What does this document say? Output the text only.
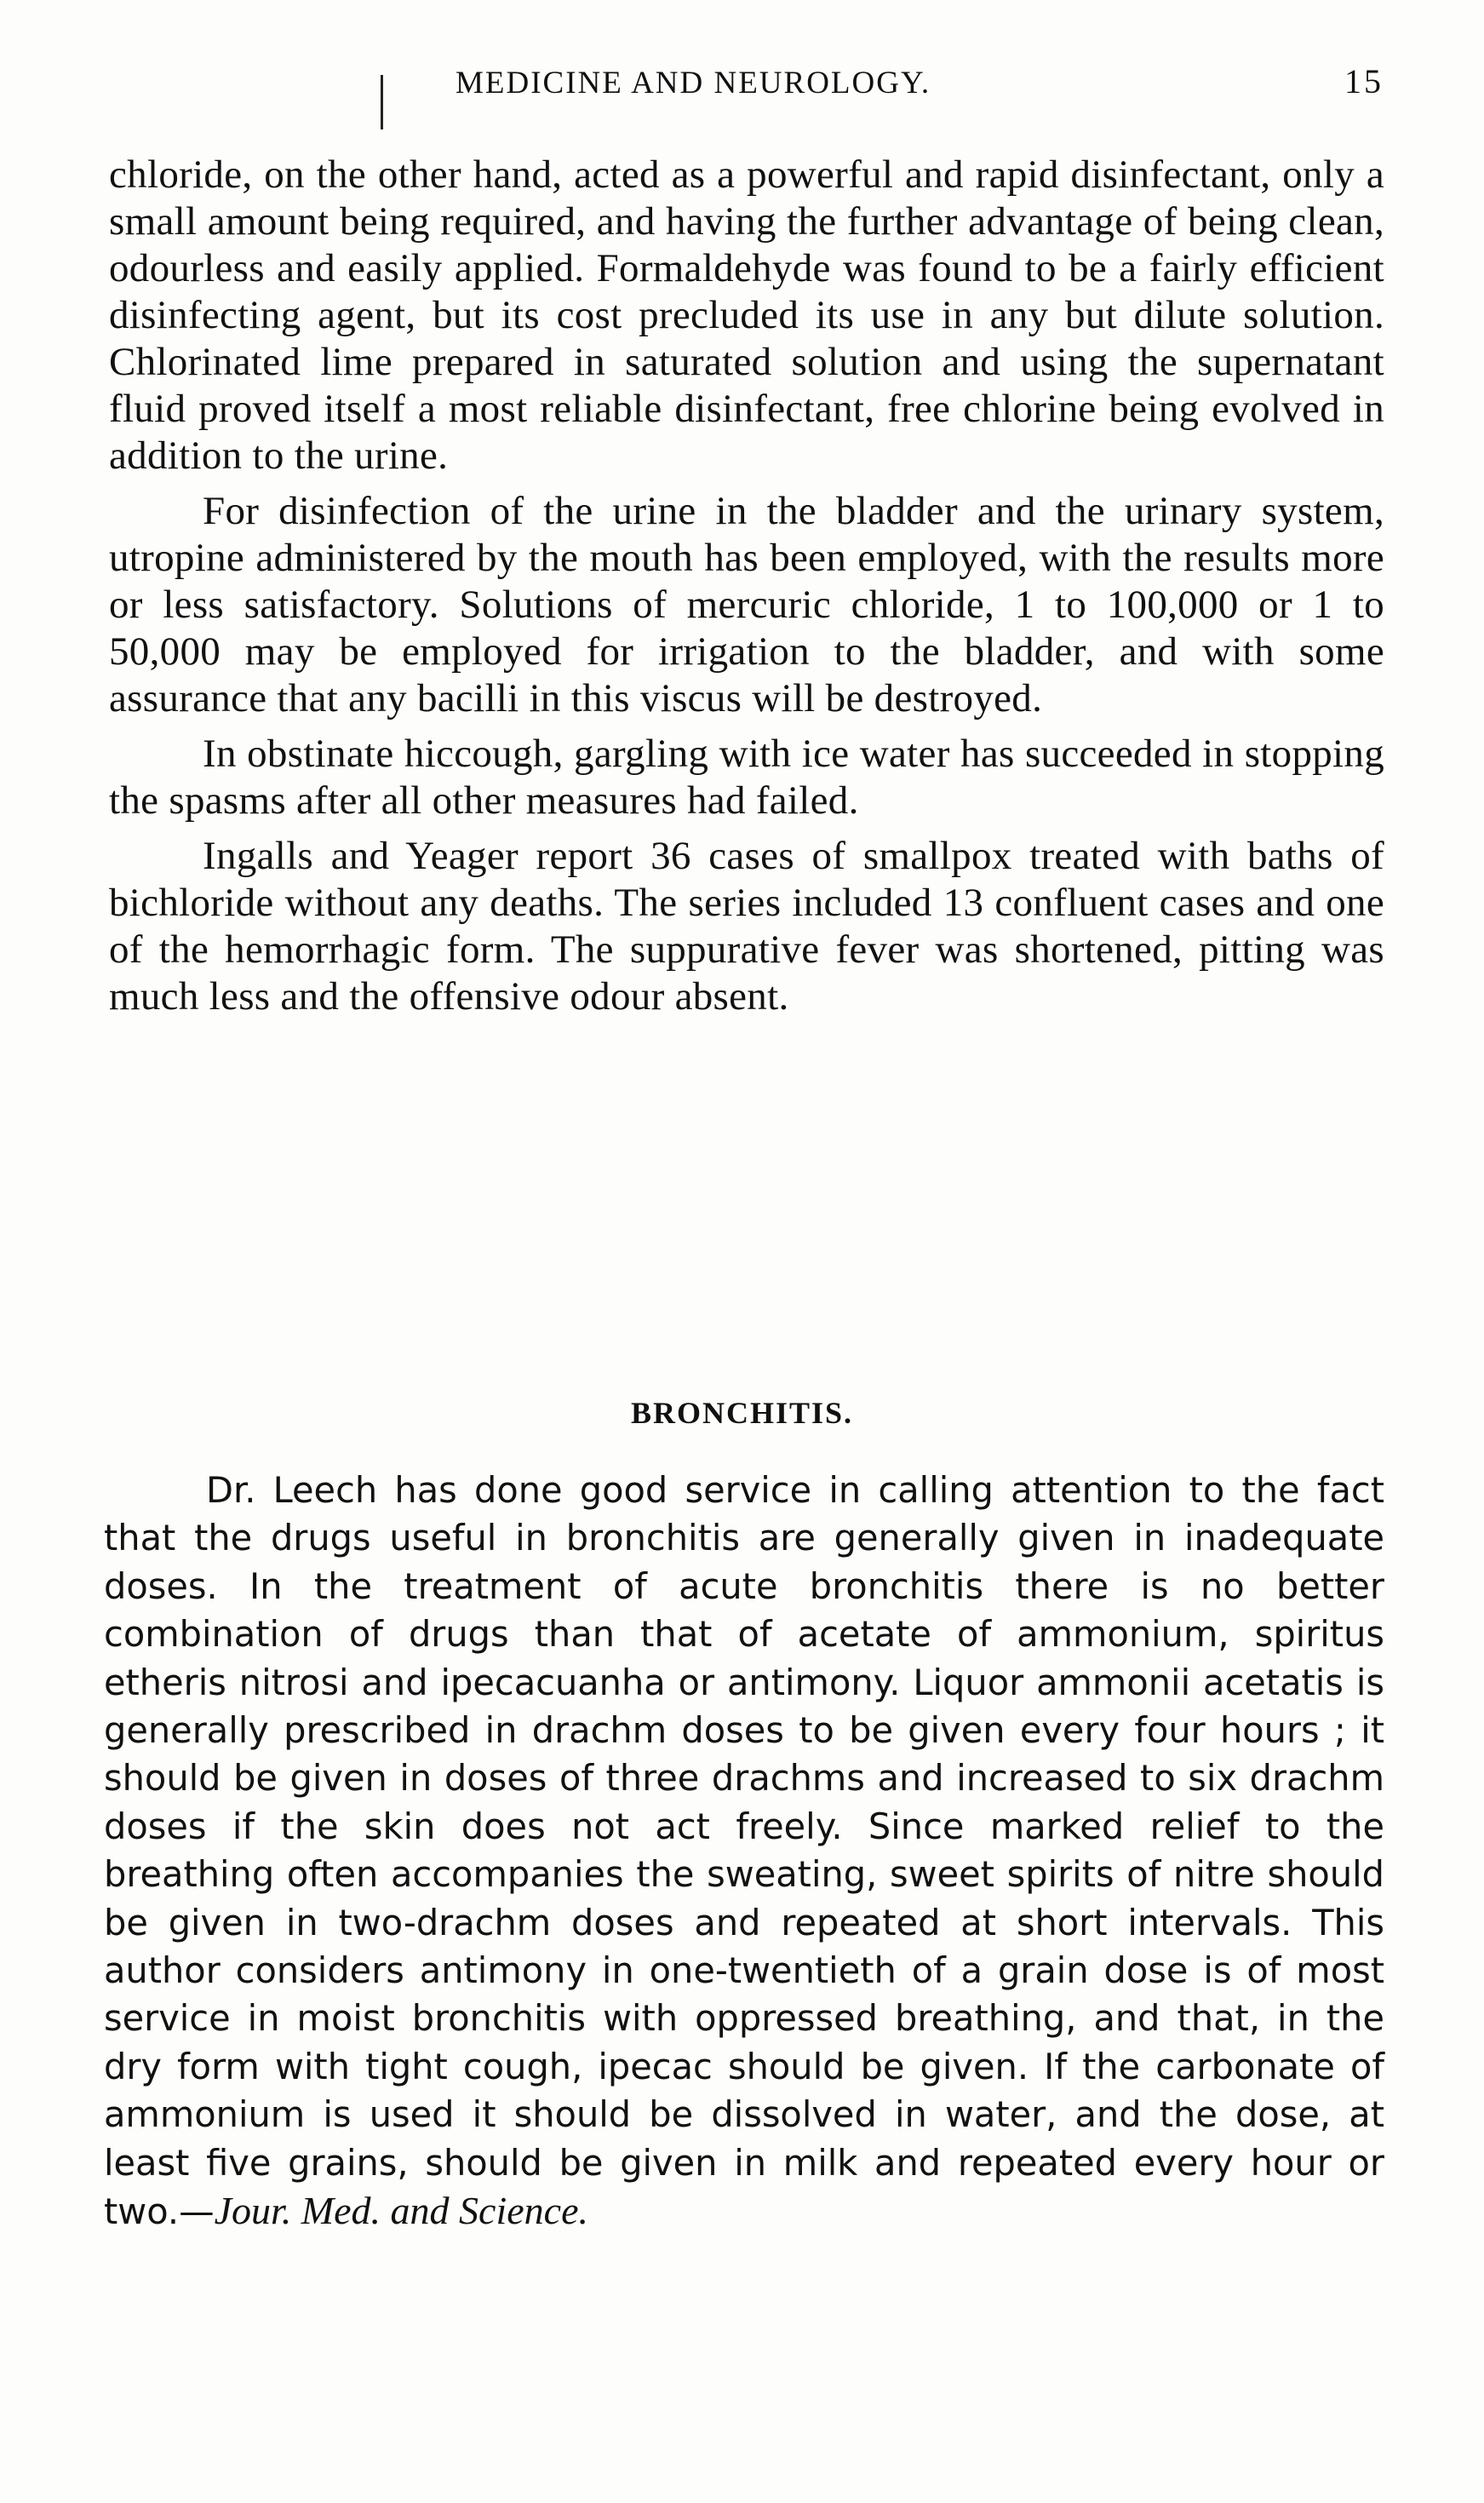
MEDICINE AND NEUROLOGY.	15

chloride, on the other hand, acted as a powerful and rapid disinfectant, only a small amount being required, and having the further advantage of being clean, odourless and easily applied. Formaldehyde was found to be a fairly efficient disinfecting agent, but its cost precluded its use in any but dilute solution. Chlorinated lime prepared in saturated solution and using the supernatant fluid proved itself a most reliable disinfectant, free chlorine being evolved in addition to the urine.

For disinfection of the urine in the bladder and the urinary system, utropine administered by the mouth has been employed, with the results more or less satisfactory. Solutions of mercuric chloride, 1 to 100,000 or 1 to 50,000 may be employed for irrigation to the bladder, and with some assurance that any bacilli in this viscus will be destroyed.

In obstinate hiccough, gargling with ice water has succeeded in stopping the spasms after all other measures had failed.

Ingalls and Yeager report 36 cases of smallpox treated with baths of bichloride without any deaths. The series included 13 confluent cases and one of the hemorrhagic form. The suppurative fever was shortened, pitting was much less and the offensive odour absent.

BRONCHITIS.

Dr. Leech has done good service in calling attention to the fact that the drugs useful in bronchitis are generally given in inadequate doses. In the treatment of acute bronchitis there is no better combination of drugs than that of acetate of ammonium, spiritus etheris nitrosi and ipecacuanha or antimony. Liquor ammonii acetatis is generally prescribed in drachm doses to be given every four hours ; it should be given in doses of three drachms and increased to six drachm doses if the skin does not act freely. Since marked relief to the breathing often accompanies the sweating, sweet spirits of nitre should be given in two-drachm doses and repeated at short intervals. This author considers antimony in one-twentieth of a grain dose is of most service in moist bronchitis with oppressed breathing, and that, in the dry form with tight cough, ipecac should be given. If the carbonate of ammonium is used it should be dissolved in water, and the dose, at least five grains, should be given in milk and repeated every hour or two.—Jour. Med. and Science.
